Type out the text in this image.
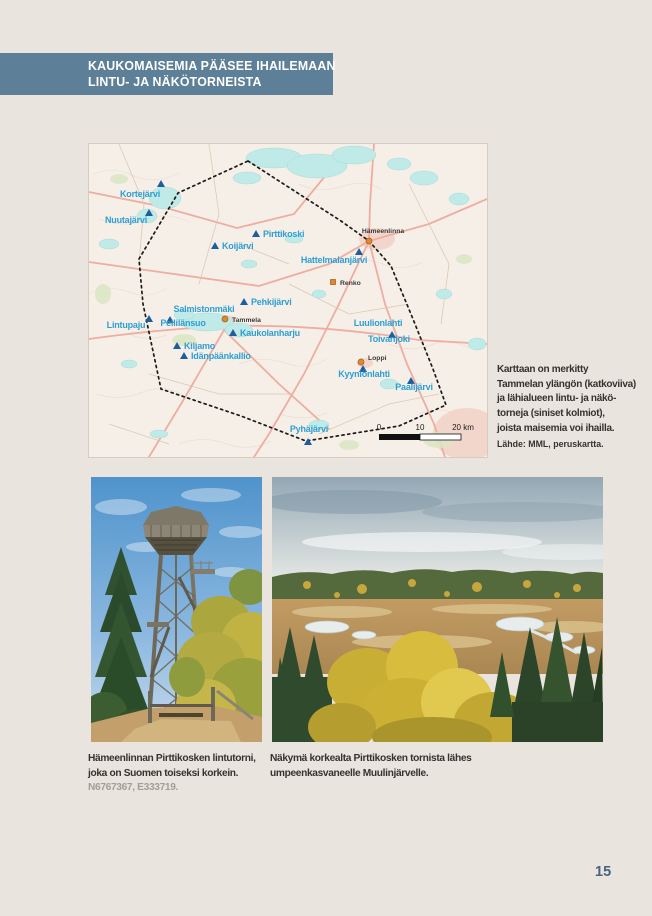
KAUKOMAISEMIA PÄÄSEE IHAILEMAAN
LINTU- JA NÄKÖTORNEISTA
Kortejärvi
Nuutajärvi
Pirttikoski
Koijärvi
Hattelmalanjärvi
Pehkijärvi
Salmistonmäki
Lintupaju Pellilänsuo
Kaukolanharju
Kiljamo
Idänpäänkallio
Luulionlahti
Toivanjoki
Kyyniönlahti
Paalijärvi
Pyhäjärvi
Hämeenlinna
Renko
Tammela
Loppi
0	10	20 km
Karttaan on merkitty
Tammelan ylängön (katkoviiva)
ja lähialueen lintu- ja näkö-
torneja (siniset kolmiot),
joista maisemia voi ihailla.
Lähde: MML, peruskartta.
Hämeenlinnan Pirttikosken lintutorni,
joka on Suomen toiseksi korkein.
N6767367, E333719.
Näkymä korkealta Pirttikosken tornista lähes
umpeenkasvaneelle Muulinjärvelle.
15
